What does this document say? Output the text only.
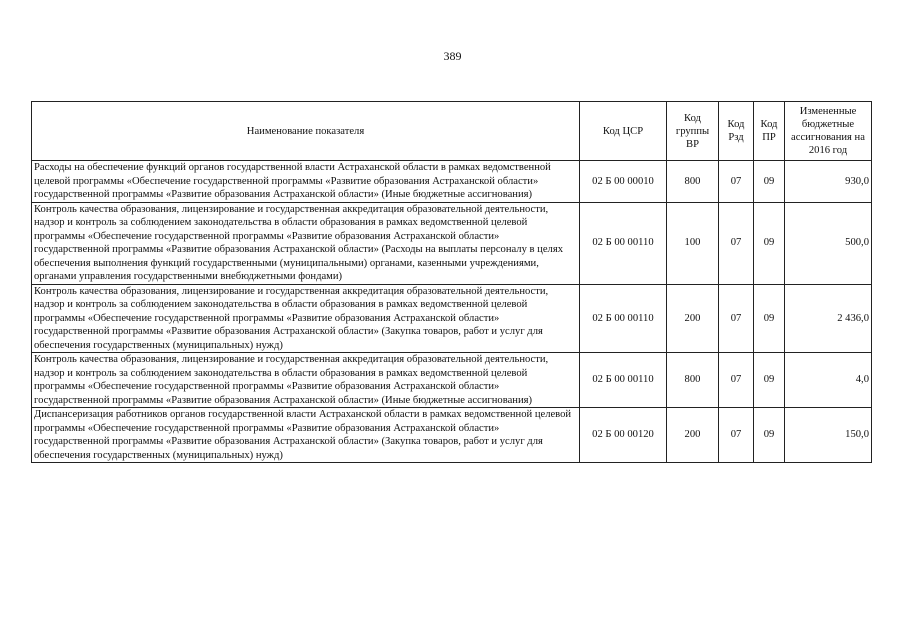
389
Наименование показателя	Код ЦСР	Код группы ВР	Код Рзд	Код ПР	Измененные бюджетные ассигнования на 2016 год
Расходы на обеспечение функций органов государственной власти Астраханской области в рамках ведомственной целевой программы «Обеспечение государственной программы «Развитие образования Астраханской области» государственной программы «Развитие образования Астраханской области» (Иные бюджетные ассигнования)	02 Б 00 00010	800	07	09	930,0
Контроль качества образования, лицензирование и государственная аккредитация образовательной деятельности, надзор и контроль за соблюдением законодательства в области образования в рамках ведомственной целевой программы «Обеспечение государственной программы «Развитие образования Астраханской области» государственной программы «Развитие образования Астраханской области» (Расходы на выплаты персоналу в целях обеспечения выполнения функций государственными (муниципальными) органами, казенными учреждениями, органами управления государственными внебюджетными фондами)	02 Б 00 00110	100	07	09	500,0
Контроль качества образования, лицензирование и государственная аккредитация образовательной деятельности, надзор и контроль за соблюдением законодательства в области образования в рамках ведомственной целевой программы «Обеспечение государственной программы «Развитие образования Астраханской области» государственной программы «Развитие образования Астраханской области» (Закупка товаров, работ и услуг для обеспечения государственных (муниципальных) нужд)	02 Б 00 00110	200	07	09	2 436,0
Контроль качества образования, лицензирование и государственная аккредитация образовательной деятельности, надзор и контроль за соблюдением законодательства в области образования в рамках ведомственной целевой программы «Обеспечение государственной программы «Развитие образования Астраханской области» государственной программы «Развитие образования Астраханской области» (Иные бюджетные ассигнования)	02 Б 00 00110	800	07	09	4,0
Диспансеризация работников органов государственной власти Астраханской области в рамках ведомственной целевой программы «Обеспечение государственной программы «Развитие образования Астраханской области» государственной программы «Развитие образования Астраханской области» (Закупка товаров, работ и услуг для обеспечения государственных (муниципальных) нужд)	02 Б 00 00120	200	07	09	150,0
